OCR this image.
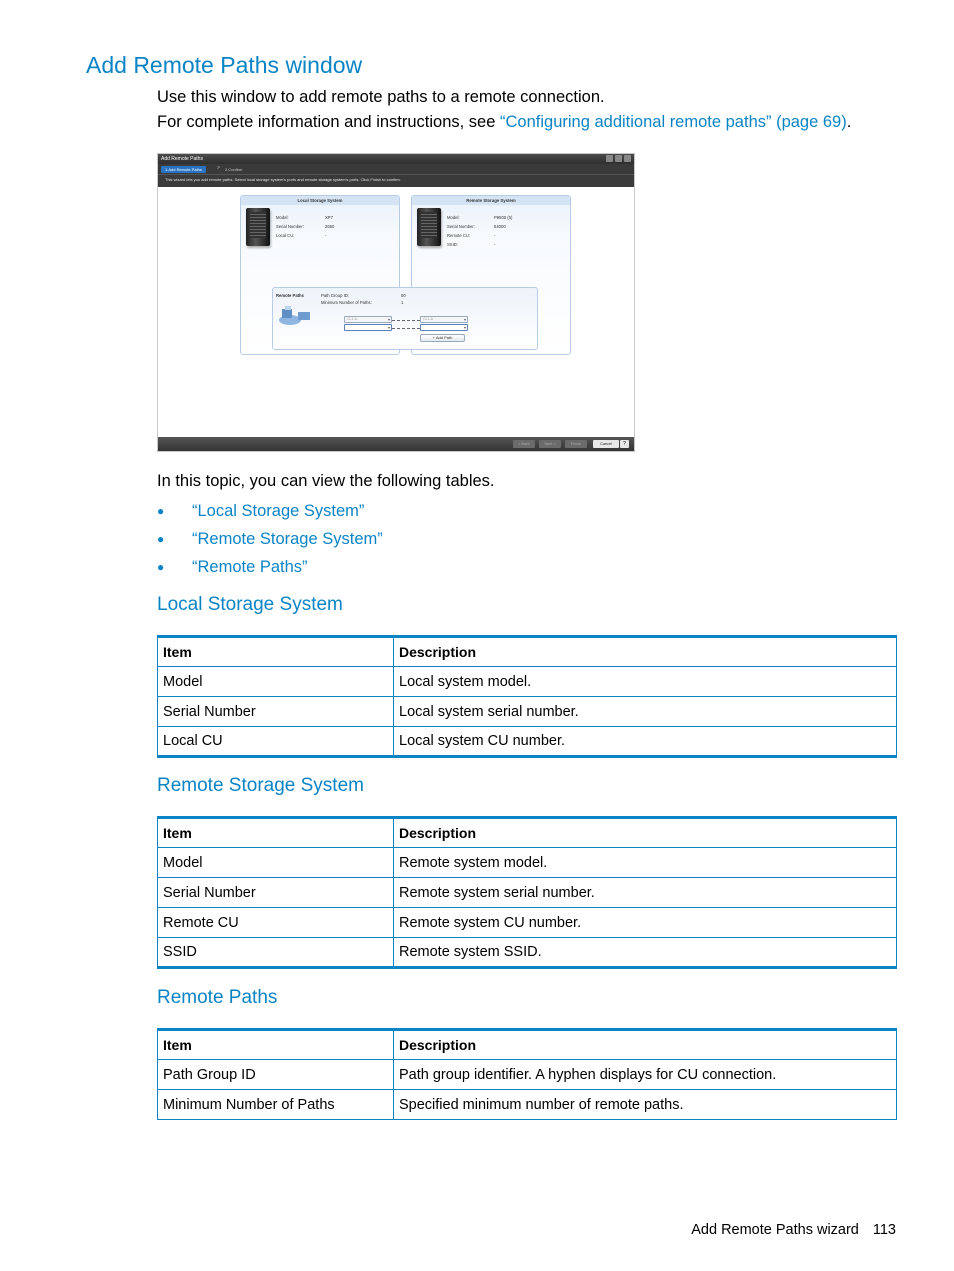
Add Remote Paths window

Use this window to add remote paths to a remote connection.

For complete information and instructions, see “Configuring additional remote paths” (page 69).

Add Remote Paths
1.Add Remote Paths	> 2.Confirm
This wizard lets you add remote paths. Select local storage system's ports and remote storage system's ports. Click Finish to confirm.
Local Storage System
Model:	XP7
Serial Number:	2650
Local CU:	-
Remote Storage System
Model:	P9500 (5)
Serial Number:	64000
Remote CU:	-
SSID:	-
Remote Paths	Path Group ID:	00
Minimum Number of Paths:	1
CL1-A ▾	CL1-A ▾
▾
▾
+ Add Path
< Back	Next >	Finish	Cancel	?

In this topic, you can view the following tables.

● “Local Storage System”
● “Remote Storage System”
● “Remote Paths”
Local Storage System
Item	Description
Model	Local system model.
Serial Number	Local system serial number.
Local CU	Local system CU number.
Remote Storage System
Item	Description
Model	Remote system model.
Serial Number	Remote system serial number.
Remote CU	Remote system CU number.
SSID	Remote system SSID.
Remote Paths
Item	Description
Path Group ID	Path group identifier. A hyphen displays for CU connection.
Minimum Number of Paths	Specified minimum number of remote paths.
Add Remote Paths wizard 113
